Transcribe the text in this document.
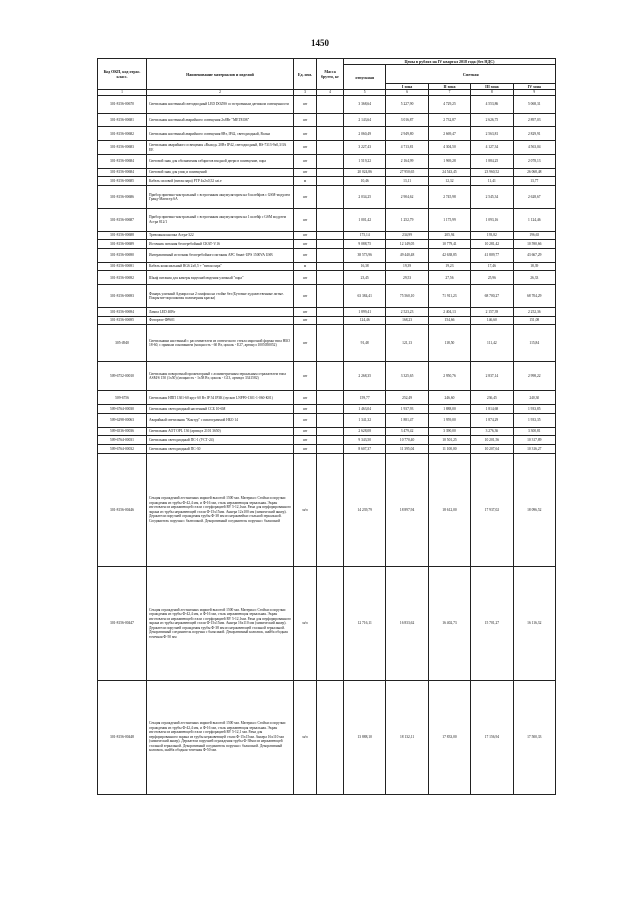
1450
Код ОКП, код отрас. класс.	Наименование материалов и изделий	Ед. изм.	Масса брутто, кг	Цены в рублях на IV квартал 2018 года (без НДС)				
				отпускная	Сметная			
					I зона	II зона	III зона	IV зона
1	2	3	4	5	6	7	8	9
301-8156-00670	Светильник настенный светодиодный LED DOZ8S со встроенным датчиком освещенности	шт		3 368,64	5 227,90	4 729,25	4 553,86	5 068,31
301-8156-00681	Светильник настенный аварийного освещения 2x8Вт "METEOR"	шт		2 143,64	3 016,87	2 732,87	2 626,75	2 897,03
301-8156-00682	Светильник настенный аварийного освещения 8Вт, IP42, светодиодный, Волна	шт		2 060,49	2 949,80	2 669,47	2 563,81	2 829,91
301-8156-00683	Светильник аварийного освещения «Выход» 20Вт IP42, светодиодный, ВЅ-7313-9x0,3/ЗА ЕЕ	шт		3 227,43	4 713,81	4 304,50	4 127,34	4 563,04
301-8156-00684	Световой знак для обозначения габаритов входной двери в помещение, пара	шт		1 519,22	2 164,99	1 969,28	1 884,25	2 078,13
301-8156-00684	Световой знак для улиц и помещений	шт		20 024,86	27 950,65	24 543,45	23 960,52	26 068,48
301-8156-00685	Кабель силовой (витая пара) FTP 4x2x0,52 cat.e	м		10,46	13,11	12,32	11,41	13,77
301-8156-00686	Прибор приемно-контрольный с встроенным аккумулятором на 6 шлейфов с GSM-модулем Гранд-Магистр 6А	шт		2 034,25	2 904,62	2 745,98	2 545,34	2 628,67
301-8156-00687	Прибор приемно-контрольный с встроенным аккумулятором на 1 шлейф с GSM модулем Астра 812/1	шт		1 001,42	1 252,79	1 175,99	1 093,16	1 124,46
301-8156-00688	Тревожная кнопка Астра-322	шт		175,14	234,99	205,94	193,82	196,65
301-8156-00689	Источник питания бесперебойный СКАТ-V.16	шт		9 088,75	12 149,05	10 779,41	10 281,42	10 590,66
301-8156-00690	Интерактивный источник бесперебойного питания APC Smart-UPS 1500VA USB	шт		38 573,96	49 440,48	42 638,85	41 809,77	43 667,29
301-8156-00691	Кабель коаксиальный RG6 2x0,5 + "витая пара"	м		16,38	19,39	19,23	17,46	18,39
301-8156-00692	Шкаф питания для камеры видеонаблюдения уличный "пара"	шт		23,45	29,53	27,56	25,96	26,33
301-8156-00693	Фонарь уличный Адмирал на 2 плафона на стойке без (Бутовые художественные литые. Покрытие-порошковая полимерная краска)	шт		63 384,41	75 560,10	71 911,23	68 700,27	68 704,29
301-8156-00694	Лампа LED 40Вт	шт		1 899,41	2 523,23	2 404,13	2 157,39	2 252,36
301-8156-00695	Фотореле ФР601	шт		124,46	168,23	154,66	146,60	151,08
305-4940	Светильники настенный с рассеивателем из оптического стекла марочной формы типа НБО 18-60, с прямым основанием (мощность - 60 Вт, цоколь - Е27, артикул 1005050052)	шт		91,48	121,13	118,50	111,42	115,84
509-6752-00010	Светильник поворотный прожекторный с асимметричным зеркальным отражателем типа ASM/S 150 (1x50) (мощность - 1x58 Вт, цоколь - G13, артикул 3341582)	шт		2 268,35	3 325,65	2 950,76	2 837,14	2 998,22
509-6756	Светильник НПП 1301-60 круг 60 Вт IP 54 IP3К (пусков LNPP0-1301-1-060-К01)	шт		159,77	252,49	246,60	236,45	240,30
509-6764-00030	Светильник светодиодный настенный ССБ 10-6М	шт		1 463,04	1 937,93	1 888,00	1 814,68	1 933,85
509-6298-00063	Аварийный светильник "Контур" с пиктограммой НБО 14	шт		1 341,32	1 881,47	1 959,00	1 874,29	1 933,35
509-6536-00036	Светильник AOT OPL 136 (артикул 2101 3650)	шт		2 628,08	3 479,42	3 390,00	3 276,36	3 300,81
509-6764-00031	Светильник светодиодный ПС-1 (УСТ-24)	шт		9 343,50	10 770,40	10 501,25	10 201,56	10 317,89
509-6764-00032	Светильник светодиодный ПС-30	шт		8 607,37	11 395,04	11 100,00	10 207,64	10 316,27
301-8156-00446	Секция ограждений лестничных маршей высотой 1500 мм. Материал: Стойки и поручни ограждения из трубы Ф-42,4 мм, и Ф-16 мм, сталь нержавеющая зеркальная. Экран изготовлен из нержавеющей стали с перфорацией RV 5-12,1мм. Рама для перфорированного экрана из трубы нержавеющей стали Ф-15х15мм. Анкера 12х100 мм (химический анкер). Держатели поручней ограждения трубы Ф-38 мм из нержавейки стальной зеркальной. Соединитель поручня с балюсиной. Декоративный соединитель поручня с балясиной	м/п		14 239,79	18 897,94	18 612,00	17 937,02	18 096,52
301-8156-00447	Секция ограждений лестничных маршей высотой 1500 мм. Материал: Стойки и поручни ограждения из трубы Ф-42,4 мм, и Ф-16 мм, сталь нержавеющая зеркальная. Экран изготовлен из нержавеющей стали с перфорацией RV 5-12,1мм. Рама для перфорированного экрана из трубы нержавеющей стали Ф-15х15мм. Анкера 16х110 мм (химический анкер). Держатели поручней ограждения трубы Ф-38 мм из нержавеющей стальной зеркальной. Декоративный соединитель поручня с балясиной. Декоративный колпачок, шайба ободная точечная Ф-50 мм	м/п		12 716,11	16 833,62	16 402,73	15 701,27	16 116,32
301-8156-00448	Секция ограждений лестничных маршей высотой 1500 мм. Материал: Стойки и поручни ограждения из трубы Ф-42,4 мм, и Ф-16 мм, сталь нержавеющая зеркальная. Экран изготовлен из нержавеющей стали с перфорацией RV 5-12,1 мм. Рама для перфорированного экрана из трубы нержавеющей стали Ф-15х15мм. Анкера 16х110 мм (химический анкер). Держатели поручней ограждения трубы Ф-38мм из нержавеющей стальной зеркальной. Декоративный соединитель поручня с балясиной. Декоративный колпачок, шайба ободная точечная Ф-50 мм.	м/п		13 888,10	18 132,11	17 833,00	17 156,94	17 500,33
